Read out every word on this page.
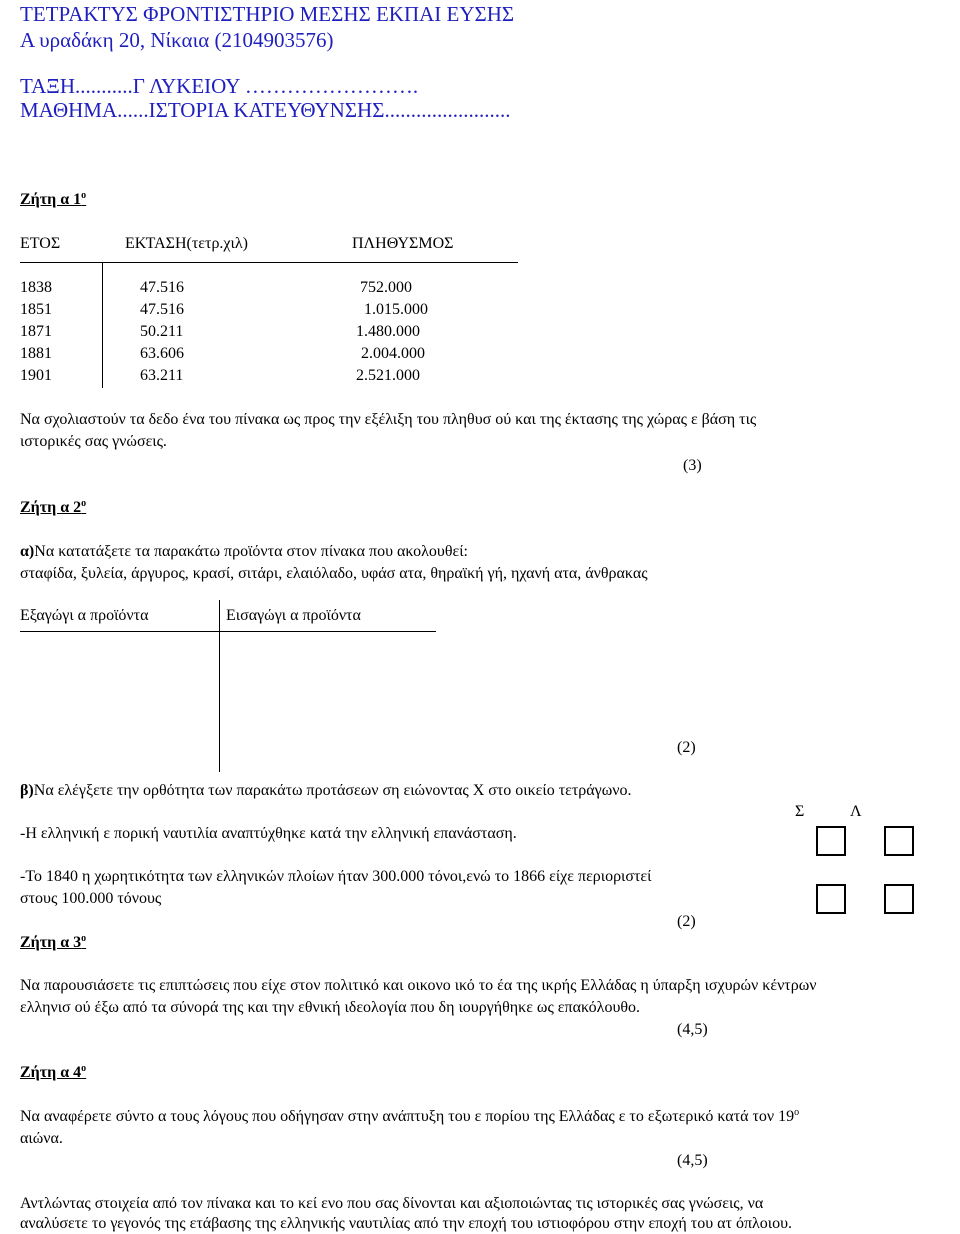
ΤΕΤΡΑΚΤΥΣ ΦΡΟΝΤΙΣΤΗΡΙΟ ΜΕΣΗΣ ΕΚΠΑΙ ΕΥΣΗΣ
Α υραδάκη 20, Νίκαια (2104903576)
ΤΑΞΗ...........Γ ΛΥΚΕΙΟΥ …………………….
ΜΑΘΗΜΑ......ΙΣΤΟΡΙΑ ΚΑΤΕΥΘΥΝΣΗΣ........................
Ζήτη α $1^o$
ΕΤΟΣ	ΕΚΤΑΣΗ(τετρ.χιλ)	ΠΛΗΘΥΣΜΟΣ
1838	47.516	752.000
1851	47.516	1.015.000
1871	50.211	1.480.000
1881	63.606	2.004.000
1901	63.211	2.521.000
Να σχολιαστούν τα δεδο ένα του πίνακα ως προς την εξέλιξη του πληθυσ ού και της έκτασης της χώρας ε βάση τις
ιστορικές σας γνώσεις.
(3)
Ζήτη α $2^o$
α)Να κατατάξετε τα παρακάτω προϊόντα στον πίνακα που ακολουθεί:
σταφίδα, ξυλεία, άργυρος, κρασί, σιτάρι, ελαιόλαδο, υφάσ ατα, θηραϊκή γή, ηχανή ατα, άνθρακας
Εξαγώγι α προϊόντα	Εισαγώγι α προϊόντα
(2)
β)Να ελέγξετε την ορθότητα των παρακάτω προτάσεων ση ειώνοντας Χ στο οικείο τετράγωνο.
Σ	Λ
-Η ελληνική ε πορική ναυτιλία αναπτύχθηκε κατά την ελληνική επανάσταση.
-Το 1840 η χωρητικότητα των ελληνικών πλοίων ήταν 300.000 τόνοι,ενώ το 1866 είχε περιοριστεί
στους 100.000 τόνους
(2)
Ζήτη α $3^o$
Να παρουσιάσετε τις επιπτώσεις που είχε στον πολιτικό και οικονο ικό το έα της ικρής Ελλάδας η ύπαρξη ισχυρών κέντρων
ελληνισ ού έξω από τα σύνορά της και την εθνική ιδεολογία που δη ιουργήθηκε ως επακόλουθο.
(4,5)
Ζήτη α $4^o$
Να αναφέρετε σύντο α τους λόγους που οδήγησαν στην ανάπτυξη του ε πορίου της Ελλάδας ε το εξωτερικό κατά τον $19^o$
αιώνα.
(4,5)
Αντλώντας στοιχεία από τον πίνακα και το κεί ενο που σας δίνονται και αξιοποιώντας τις ιστορικές σας γνώσεις, να
αναλύσετε το γεγονός της ετάβασης της ελληνικής ναυτιλίας από την εποχή του ιστιοφόρου στην εποχή του ατ όπλοιου.
